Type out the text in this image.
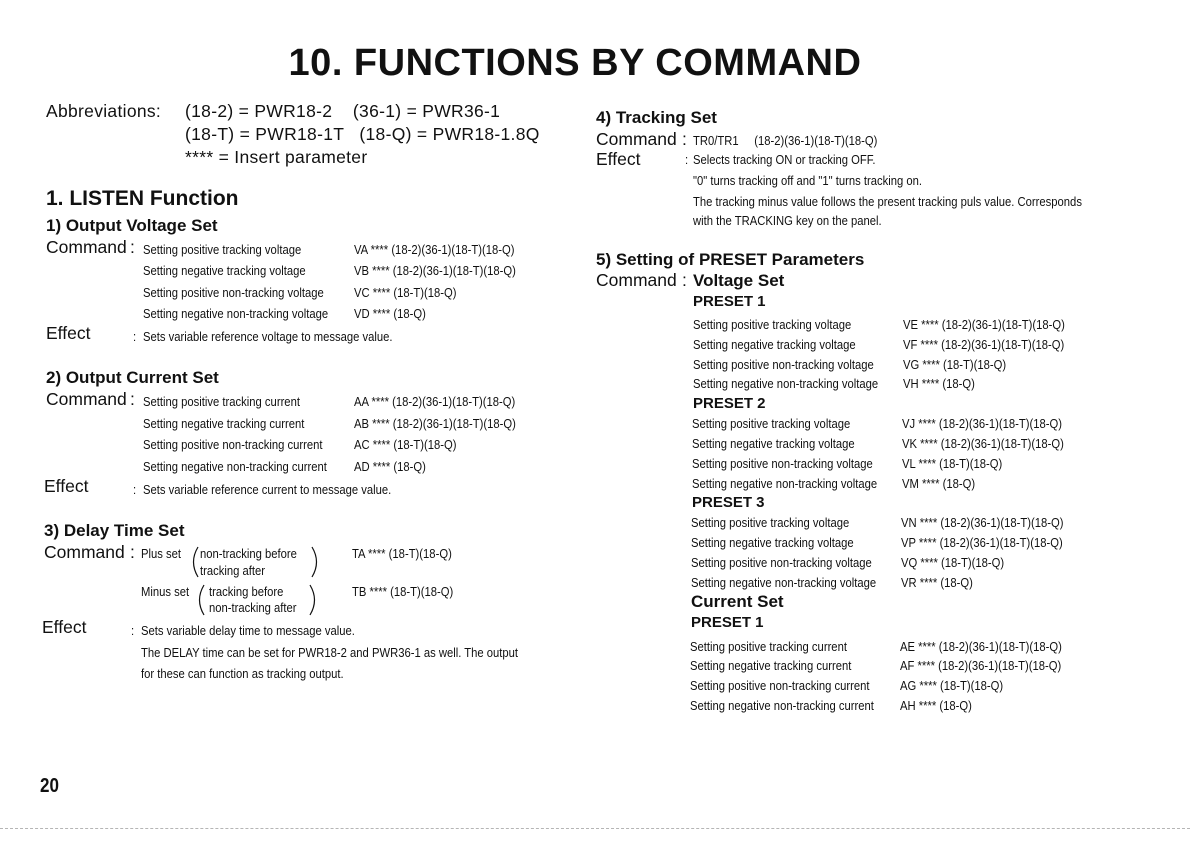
10. FUNCTIONS BY COMMAND
Abbreviations: (18-2) = PWR18-2    (36-1) = PWR36-1
(18-T) = PWR18-1T   (18-Q) = PWR18-1.8Q
**** = Insert parameter
1. LISTEN Function
1) Output Voltage Set
Command : Setting positive tracking voltage	VA **** (18-2)(36-1)(18-T)(18-Q)
Setting negative tracking voltage	VB **** (18-2)(36-1)(18-T)(18-Q)
Setting positive non-tracking voltage VC **** (18-T)(18-Q)
Setting negative non-tracking voltage VD **** (18-Q)
Effect	: Sets variable reference voltage to message value.
2) Output Current Set
Command : Setting positive tracking current	AA **** (18-2)(36-1)(18-T)(18-Q)
Setting negative tracking current	AB **** (18-2)(36-1)(18-T)(18-Q)
Setting positive non-tracking current	AC **** (18-T)(18-Q)
Setting negative non-tracking current AD **** (18-Q)
Effect	: Sets variable reference current to message value.
3) Delay Time Set
Command : Plus set non-tracking before
tracking after
TA **** (18-T)(18-Q)
Minus set tracking before
non-tracking after
TB **** (18-T)(18-Q)
Effect	: Sets variable delay time to message value.
The DELAY time can be set for PWR18-2 and PWR36-1 as well. The output
for these can function as tracking output.
4) Tracking Set
Command : TR0/TR1     (18-2)(36-1)(18-T)(18-Q)
Effect	: Selects tracking ON or tracking OFF.
"0" turns tracking off and "1" turns tracking on.
The tracking minus value follows the present tracking puls value. Corresponds
with the TRACKING key on the panel.
5) Setting of PRESET Parameters
Command : Voltage Set
PRESET 1
Setting positive tracking voltage	VE **** (18-2)(36-1)(18-T)(18-Q)
Setting negative tracking voltage	VF **** (18-2)(36-1)(18-T)(18-Q)
Setting positive non-tracking voltage VG **** (18-T)(18-Q)
Setting negative non-tracking voltage VH **** (18-Q)
PRESET 2
Setting positive tracking voltage	VJ **** (18-2)(36-1)(18-T)(18-Q)
Setting negative tracking voltage	VK **** (18-2)(36-1)(18-T)(18-Q)
Setting positive non-tracking voltage VL **** (18-T)(18-Q)
Setting negative non-tracking voltage VM **** (18-Q)
PRESET 3
Setting positive tracking voltage	VN **** (18-2)(36-1)(18-T)(18-Q)
Setting negative tracking voltage	VP **** (18-2)(36-1)(18-T)(18-Q)
Setting positive non-tracking voltage VQ **** (18-T)(18-Q)
Setting negative non-tracking voltage VR **** (18-Q)
Current Set
PRESET 1
Setting positive tracking current	AE **** (18-2)(36-1)(18-T)(18-Q)
Setting negative tracking current	AF **** (18-2)(36-1)(18-T)(18-Q)
Setting positive non-tracking current AG **** (18-T)(18-Q)
Setting negative non-tracking current AH **** (18-Q)
20
